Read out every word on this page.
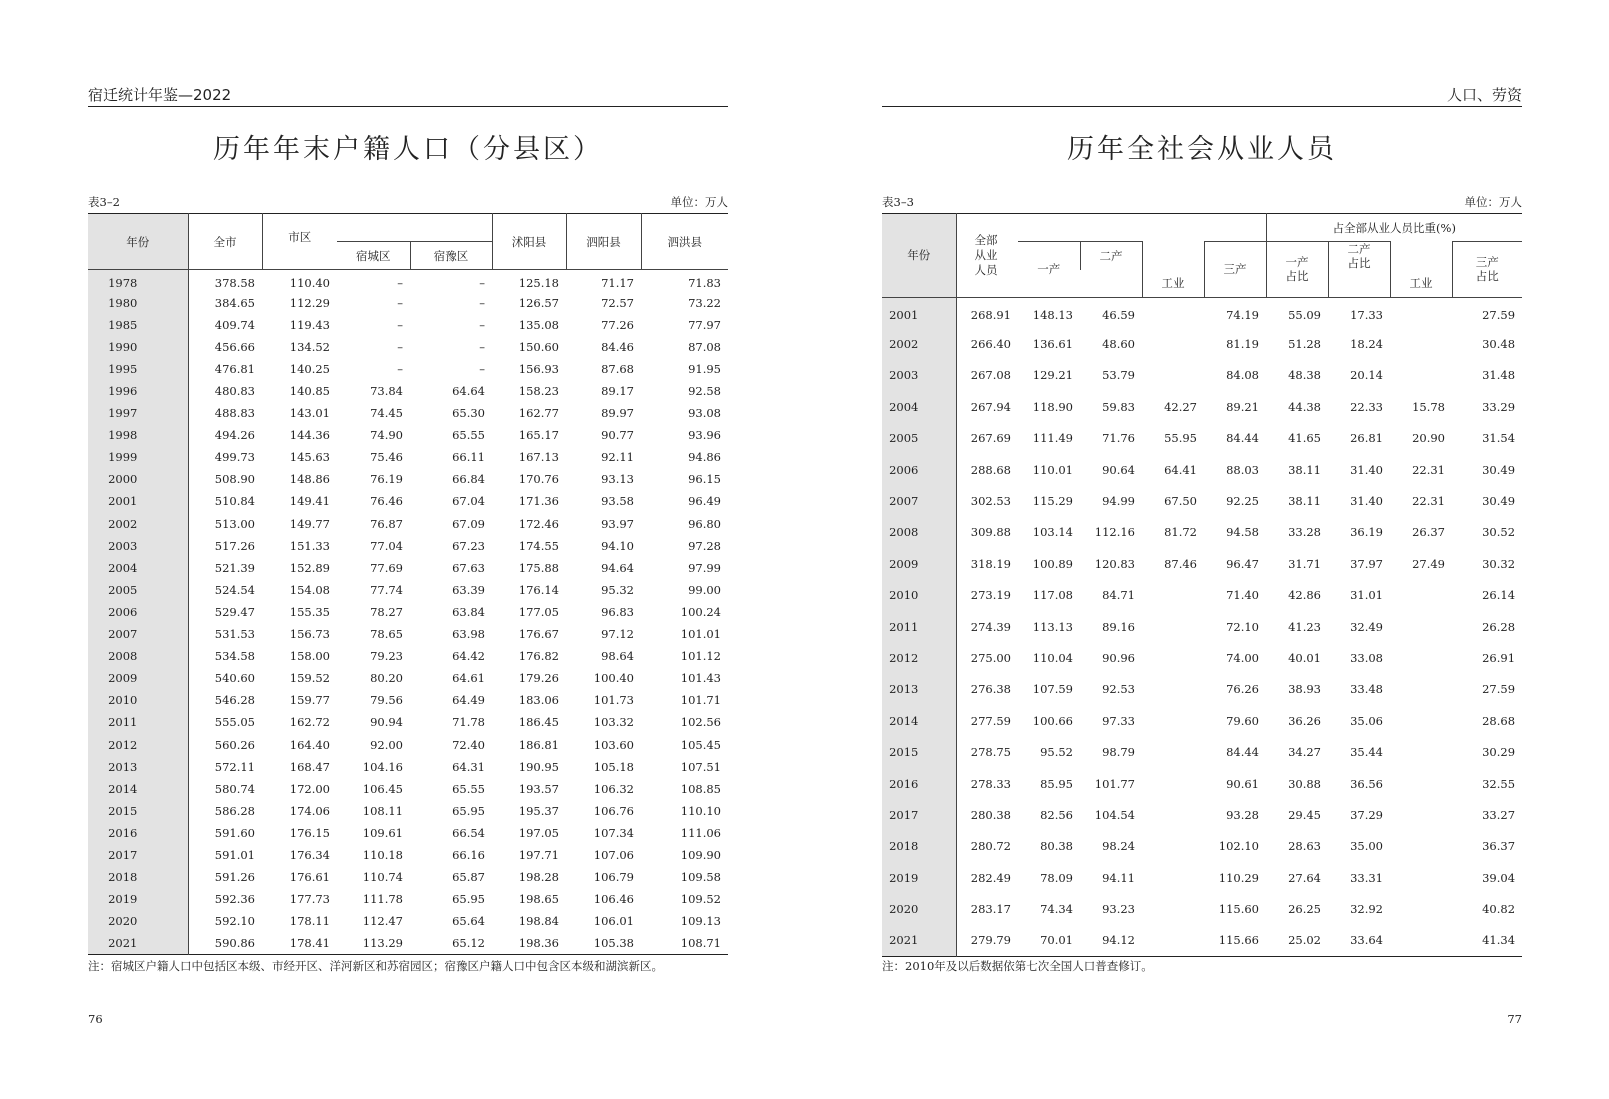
宿迁统计年鉴—2022
历年年末户籍人口（分县区）
表3–2	单位：万人
年份	全市	市区			沭阳县	泗阳县	泗洪县
			宿城区	宿豫区			
1978	378.58	110.40	–	–	125.18	71.17	71.83
1980	384.65	112.29	–	–	126.57	72.57	73.22
1985	409.74	119.43	–	–	135.08	77.26	77.97
1990	456.66	134.52	–	–	150.60	84.46	87.08
1995	476.81	140.25	–	–	156.93	87.68	91.95
1996	480.83	140.85	73.84	64.64	158.23	89.17	92.58
1997	488.83	143.01	74.45	65.30	162.77	89.97	93.08
1998	494.26	144.36	74.90	65.55	165.17	90.77	93.96
1999	499.73	145.63	75.46	66.11	167.13	92.11	94.86
2000	508.90	148.86	76.19	66.84	170.76	93.13	96.15
2001	510.84	149.41	76.46	67.04	171.36	93.58	96.49
2002	513.00	149.77	76.87	67.09	172.46	93.97	96.80
2003	517.26	151.33	77.04	67.23	174.55	94.10	97.28
2004	521.39	152.89	77.69	67.63	175.88	94.64	97.99
2005	524.54	154.08	77.74	63.39	176.14	95.32	99.00
2006	529.47	155.35	78.27	63.84	177.05	96.83	100.24
2007	531.53	156.73	78.65	63.98	176.67	97.12	101.01
2008	534.58	158.00	79.23	64.42	176.82	98.64	101.12
2009	540.60	159.52	80.20	64.61	179.26	100.40	101.43
2010	546.28	159.77	79.56	64.49	183.06	101.73	101.71
2011	555.05	162.72	90.94	71.78	186.45	103.32	102.56
2012	560.26	164.40	92.00	72.40	186.81	103.60	105.45
2013	572.11	168.47	104.16	64.31	190.95	105.18	107.51
2014	580.74	172.00	106.45	65.55	193.57	106.32	108.85
2015	586.28	174.06	108.11	65.95	195.37	106.76	110.10
2016	591.60	176.15	109.61	66.54	197.05	107.34	111.06
2017	591.01	176.34	110.18	66.16	197.71	107.06	109.90
2018	591.26	176.61	110.74	65.87	198.28	106.79	109.58
2019	592.36	177.73	111.78	65.95	198.65	106.46	109.52
2020	592.10	178.11	112.47	65.64	198.84	106.01	109.13
2021	590.86	178.41	113.29	65.12	198.36	105.38	108.71
注：宿城区户籍人口中包括区本级、市经开区、洋河新区和苏宿园区；宿豫区户籍人口中包含区本级和湖滨新区。
76
人口、劳资
历年全社会从业人员
表3–3	单位：万人
年份	全部从业人员					占全部从业人员比重(%)			
		一产	二产		三产	一产占比	二产占比		三产占比

				工业				工业	
2001	268.91	148.13	46.59		74.19	55.09	17.33		27.59
2002	266.40	136.61	48.60		81.19	51.28	18.24		30.48
2003	267.08	129.21	53.79		84.08	48.38	20.14		31.48
2004	267.94	118.90	59.83	42.27	89.21	44.38	22.33	15.78	33.29
2005	267.69	111.49	71.76	55.95	84.44	41.65	26.81	20.90	31.54
2006	288.68	110.01	90.64	64.41	88.03	38.11	31.40	22.31	30.49
2007	302.53	115.29	94.99	67.50	92.25	38.11	31.40	22.31	30.49
2008	309.88	103.14	112.16	81.72	94.58	33.28	36.19	26.37	30.52
2009	318.19	100.89	120.83	87.46	96.47	31.71	37.97	27.49	30.32
2010	273.19	117.08	84.71		71.40	42.86	31.01		26.14
2011	274.39	113.13	89.16		72.10	41.23	32.49		26.28
2012	275.00	110.04	90.96		74.00	40.01	33.08		26.91
2013	276.38	107.59	92.53		76.26	38.93	33.48		27.59
2014	277.59	100.66	97.33		79.60	36.26	35.06		28.68
2015	278.75	95.52	98.79		84.44	34.27	35.44		30.29
2016	278.33	85.95	101.77		90.61	30.88	36.56		32.55
2017	280.38	82.56	104.54		93.28	29.45	37.29		33.27
2018	280.72	80.38	98.24		102.10	28.63	35.00		36.37
2019	282.49	78.09	94.11		110.29	27.64	33.31		39.04
2020	283.17	74.34	93.23		115.60	26.25	32.92		40.82
2021	279.79	70.01	94.12		115.66	25.02	33.64		41.34
注：2010年及以后数据依第七次全国人口普查修订。
77
